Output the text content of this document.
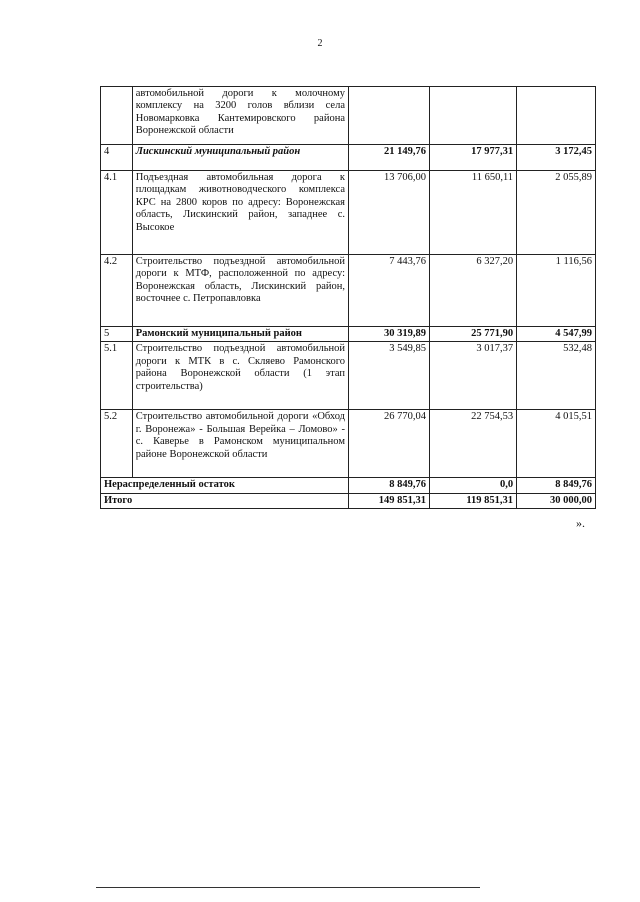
2
	автомобильной дороги к молочному комплексу на 3200 голов вблизи села Новомарковка Кантемировского района Воронежской области			
4	Лискинский муниципальный район	21 149,76	17 977,31	3 172,45
4.1	Подъездная автомобильная дорога к площадкам животноводческого комплекса КРС на 2800 коров по адресу: Воронежская область, Лискинский район, западнее с. Высокое	13 706,00	11 650,11	2 055,89
4.2	Строительство подъездной автомобильной дороги к МТФ, расположенной по адресу: Воронежская область, Лискинский район, восточнее с. Петропавловка	7 443,76	6 327,20	1 116,56
5	Рамонский муниципальный район	30 319,89	25 771,90	4 547,99
5.1	Строительство подъездной автомобильной дороги к МТК в с. Скляево Рамонского района Воронежской области (1 этап строительства)	3 549,85	3 017,37	532,48
5.2	Строительство автомобильной дороги «Обход г. Воронежа» - Большая Верейка – Ломово» - с. Каверье в Рамонском муниципальном районе Воронежской области	26 770,04	22 754,53	4 015,51
Нераспределенный остаток		8 849,76	0,0	8 849,76
Итого		149 851,31	119 851,31	30 000,00
».
